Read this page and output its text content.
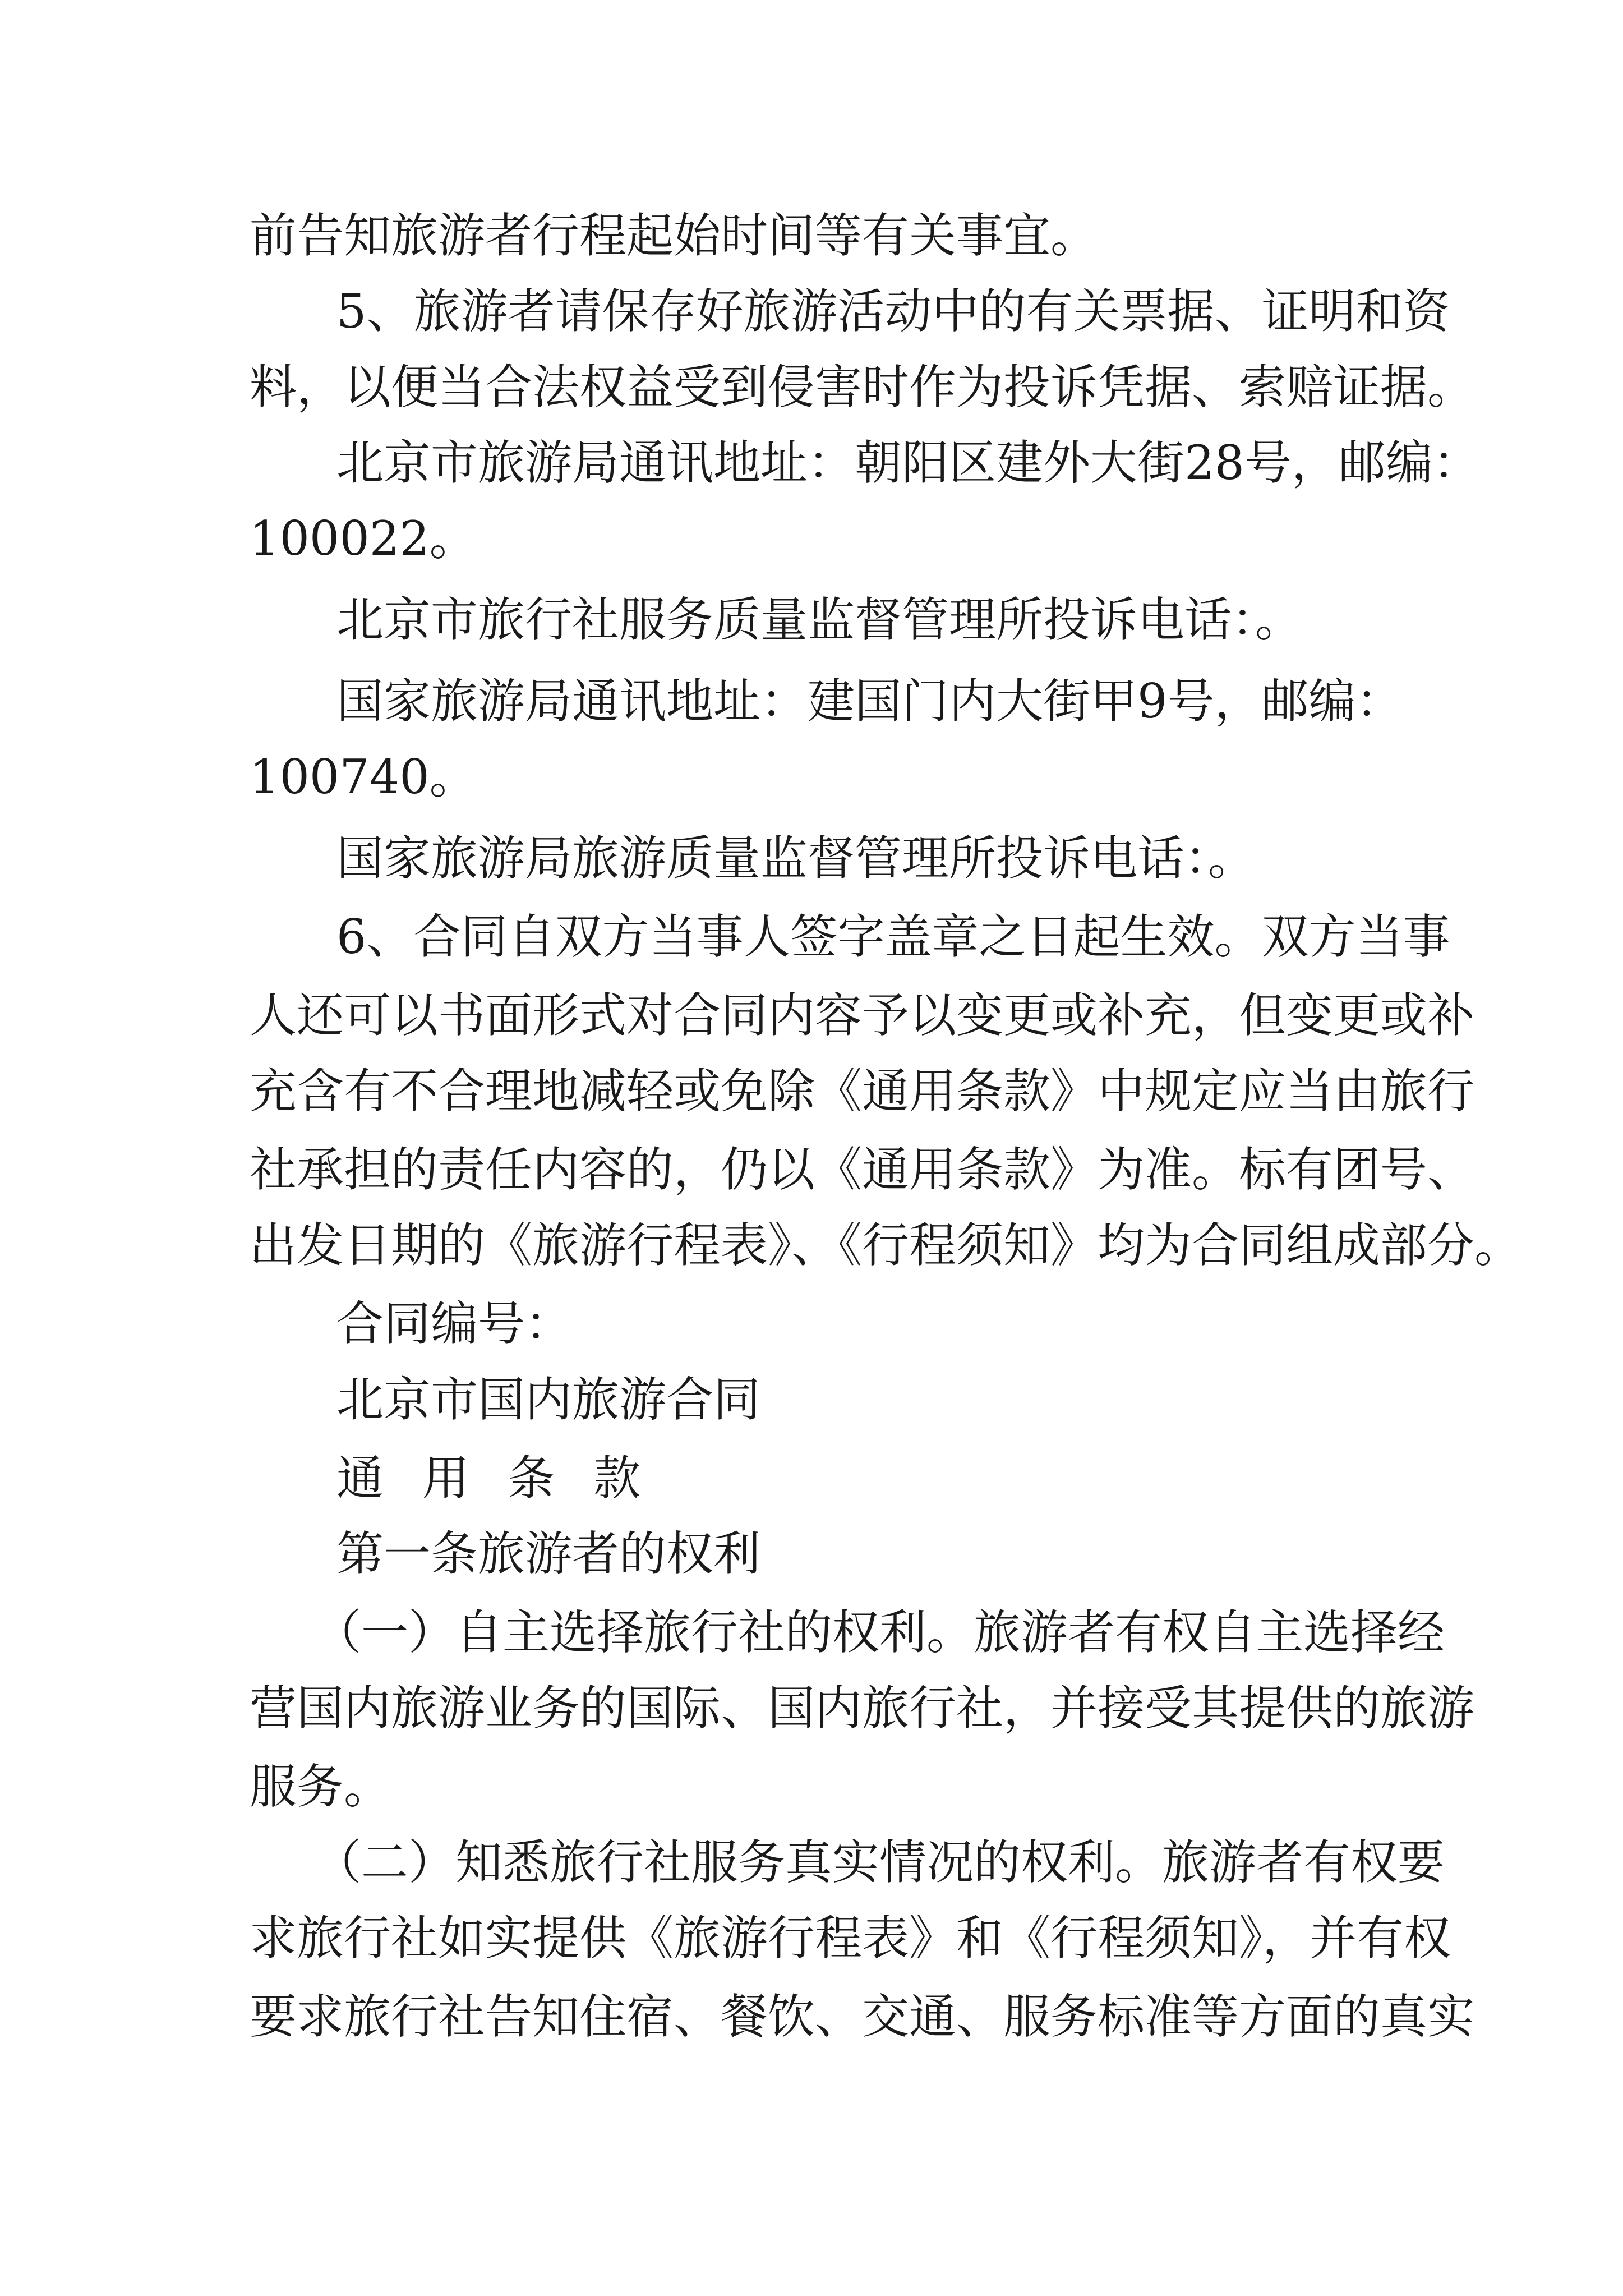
前告知旅游者行程起始时间等有关事宜。

5、旅游者请保存好旅游活动中的有关票据、证明和资

料，以便当合法权益受到侵害时作为投诉凭据、索赔证据。

北京市旅游局通讯地址：朝阳区建外大街28号，邮编：

100022。

北京市旅行社服务质量监督管理所投诉电话：。

国家旅游局通讯地址：建国门内大街甲9号，邮编：

100740。

国家旅游局旅游质量监督管理所投诉电话：。

6、合同自双方当事人签字盖章之日起生效。双方当事

人还可以书面形式对合同内容予以变更或补充，但变更或补

充含有不合理地减轻或免除《通用条款》中规定应当由旅行

社承担的责任内容的，仍以《通用条款》为准。标有团号、

出发日期的《旅游行程表》、《行程须知》均为合同组成部分。

合同编号：

北京市国内旅游合同

通 用 条 款

第一条旅游者的权利

（一）自主选择旅行社的权利。旅游者有权自主选择经

营国内旅游业务的国际、国内旅行社，并接受其提供的旅游

服务。

（二）知悉旅行社服务真实情况的权利。旅游者有权要

求旅行社如实提供《旅游行程表》和《行程须知》，并有权

要求旅行社告知住宿、餐饮、交通、服务标准等方面的真实
